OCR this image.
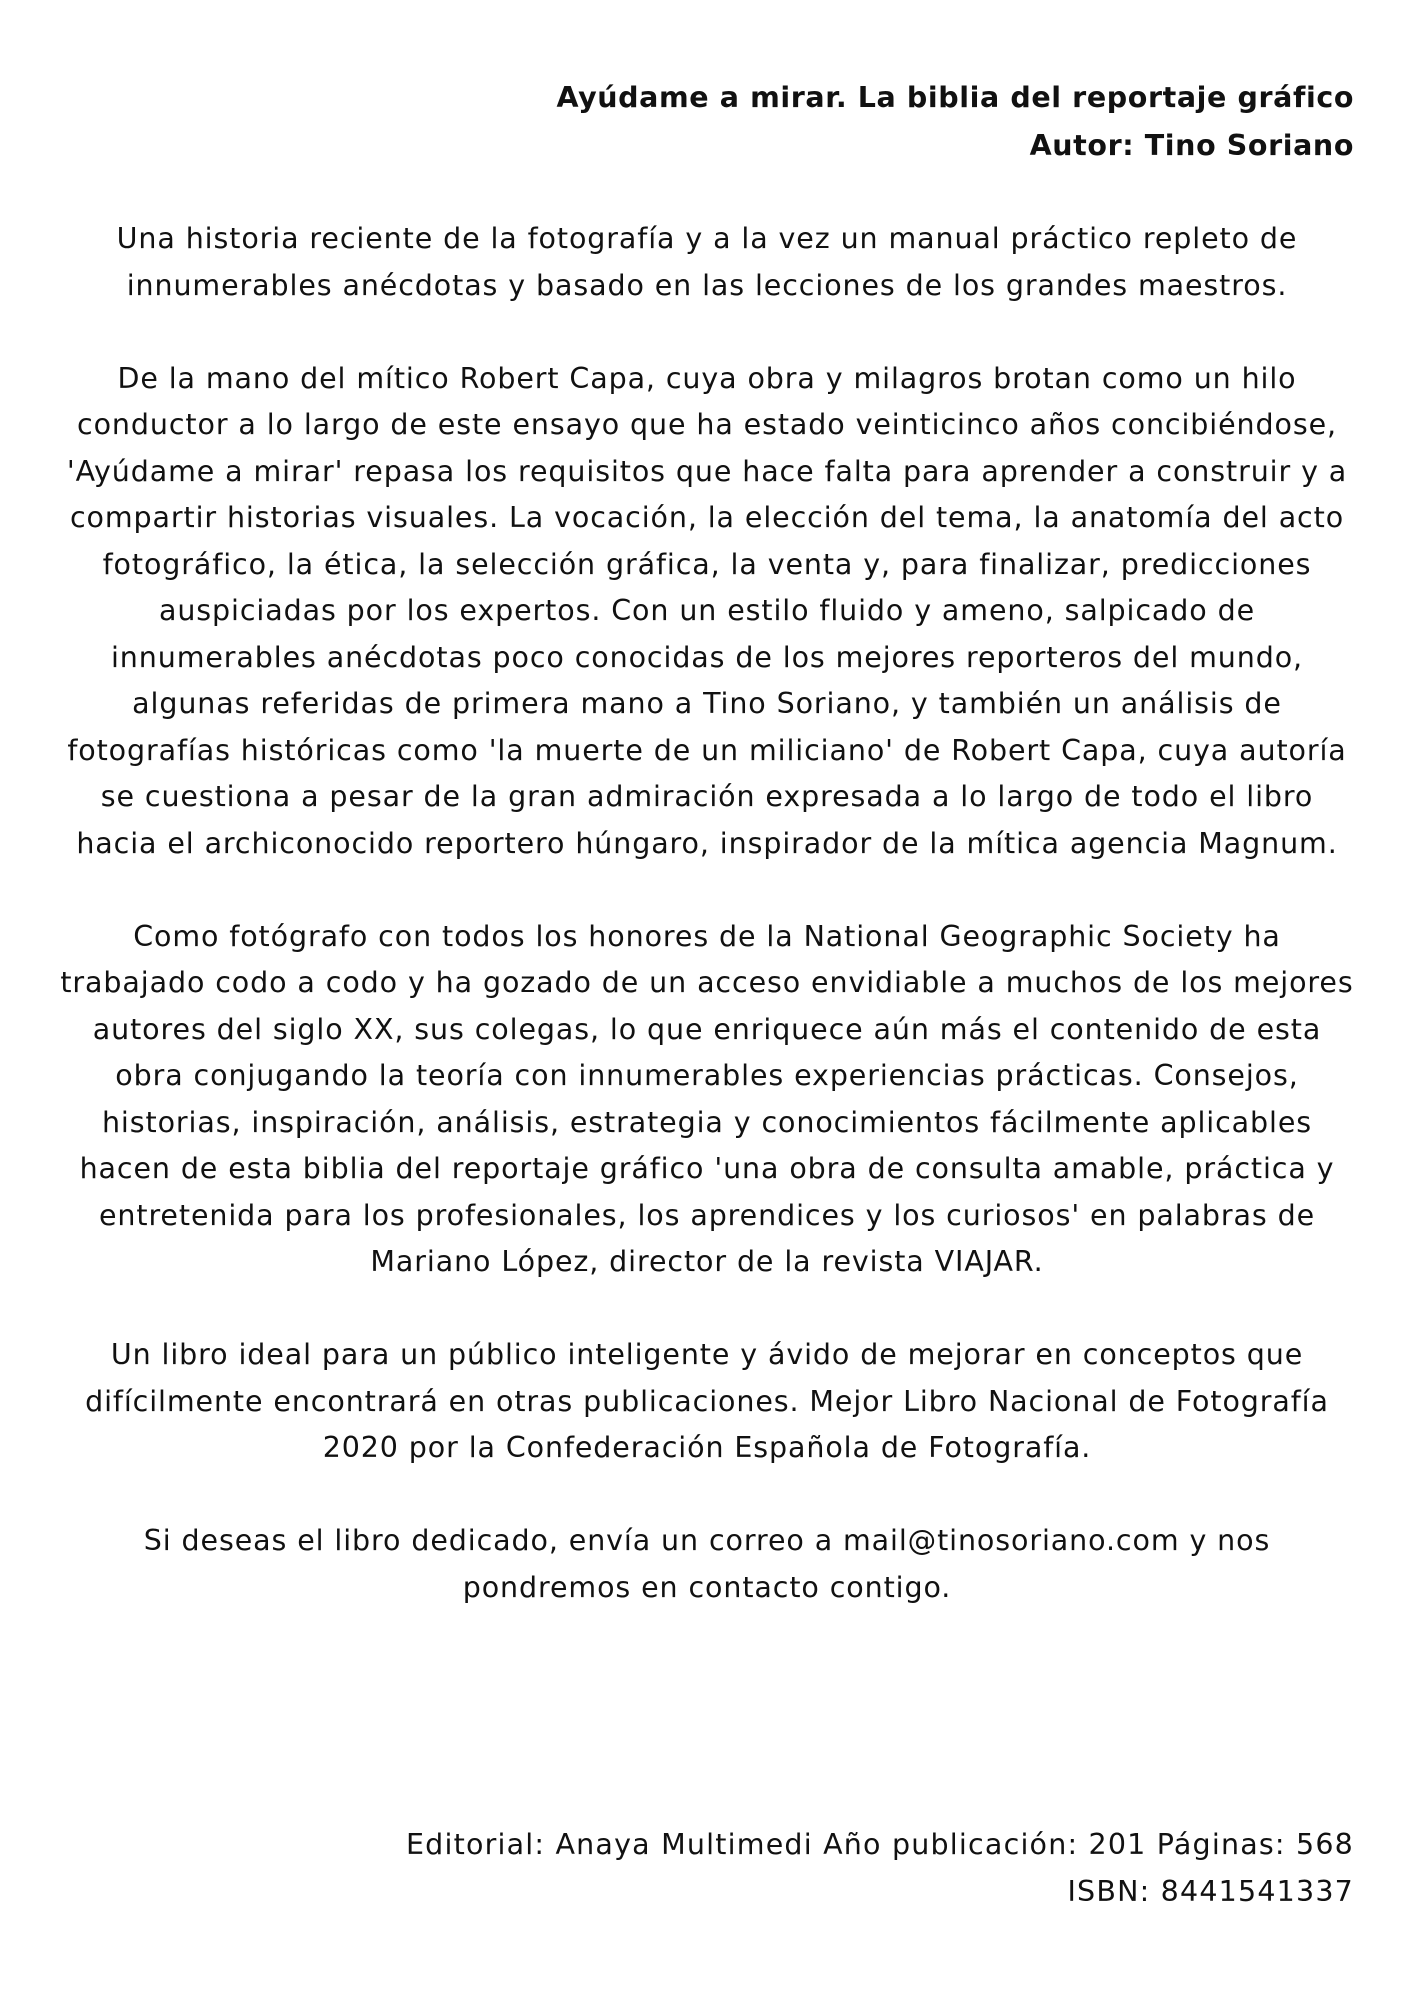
Ayúdame a mirar. La biblia del reportaje gráfico
Autor: Tino Soriano

Una historia reciente de la fotografía y a la vez un manual práctico repleto de innumerables anécdotas y basado en las lecciones de los grandes maestros.

De la mano del mítico Robert Capa, cuya obra y milagros brotan como un hilo conductor a lo largo de este ensayo que ha estado veinticinco años concibiéndose, 'Ayúdame a mirar' repasa los requisitos que hace falta para aprender a construir y a compartir historias visuales. La vocación, la elección del tema, la anatomía del acto fotográfico, la ética, la selección gráfica, la venta y, para finalizar, predicciones auspiciadas por los expertos. Con un estilo fluido y ameno, salpicado de innumerables anécdotas poco conocidas de los mejores reporteros del mundo, algunas referidas de primera mano a Tino Soriano, y también un análisis de fotografías históricas como 'la muerte de un miliciano' de Robert Capa, cuya autoría se cuestiona a pesar de la gran admiración expresada a lo largo de todo el libro hacia el archiconocido reportero húngaro, inspirador de la mítica agencia Magnum.

Como fotógrafo con todos los honores de la National Geographic Society ha trabajado codo a codo y ha gozado de un acceso envidiable a muchos de los mejores autores del siglo XX, sus colegas, lo que enriquece aún más el contenido de esta obra conjugando la teoría con innumerables experiencias prácticas. Consejos, historias, inspiración, análisis, estrategia y conocimientos fácilmente aplicables hacen de esta biblia del reportaje gráfico 'una obra de consulta amable, práctica y entretenida para los profesionales, los aprendices y los curiosos' en palabras de Mariano López, director de la revista VIAJAR.

Un libro ideal para un público inteligente y ávido de mejorar en conceptos que difícilmente encontrará en otras publicaciones. Mejor Libro Nacional de Fotografía 2020 por la Confederación Española de Fotografía.

Si deseas el libro dedicado, envía un correo a mail@tinosoriano.com y nos pondremos en contacto contigo.

Editorial: Anaya Multimedi Año publicación: 201 Páginas: 568
ISBN: 8441541337
